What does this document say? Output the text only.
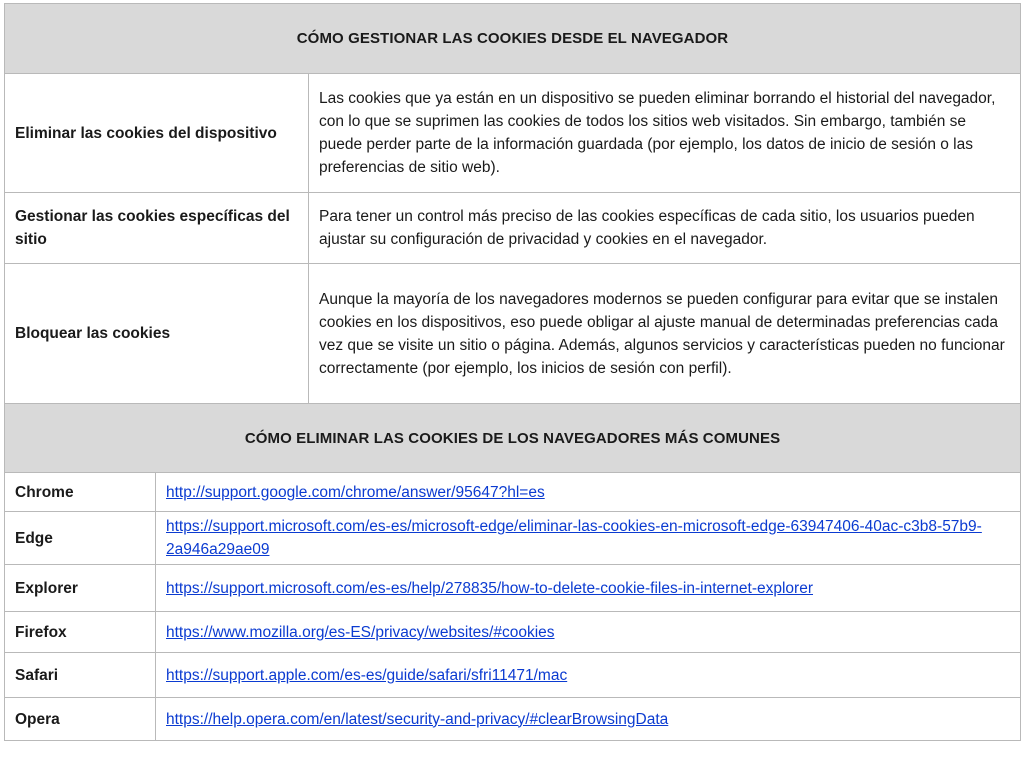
CÓMO GESTIONAR LAS COOKIES DESDE EL NAVEGADOR	
Eliminar las cookies del dispositivo	Las cookies que ya están en un dispositivo se pueden eliminar borrando el historial del navegador, con lo que se suprimen las cookies de todos los sitios web visitados. Sin embargo, también se puede perder parte de la información guardada (por ejemplo, los datos de inicio de sesión o las preferencias de sitio web).
Gestionar las cookies específicas del sitio	Para tener un control más preciso de las cookies específicas de cada sitio, los usuarios pueden ajustar su configuración de privacidad y cookies en el navegador.
Bloquear las cookies	Aunque la mayoría de los navegadores modernos se pueden configurar para evitar que se instalen cookies en los dispositivos, eso puede obligar al ajuste manual de determinadas preferencias cada vez que se visite un sitio o página. Además, algunos servicios y características pueden no funcionar correctamente (por ejemplo, los inicios de sesión con perfil).
CÓMO ELIMINAR LAS COOKIES DE LOS NAVEGADORES MÁS COMUNES	
Chrome	http://support.google.com/chrome/answer/95647?hl=es
Edge	https://support.microsoft.com/es-es/microsoft-edge/eliminar-las-cookies-en-microsoft-edge-63947406-40ac-c3b8-57b9-2a946a29ae09
Explorer	https://support.microsoft.com/es-es/help/278835/how-to-delete-cookie-files-in-internet-explorer
Firefox	https://www.mozilla.org/es-ES/privacy/websites/#cookies
Safari	https://support.apple.com/es-es/guide/safari/sfri11471/mac
Opera	https://help.opera.com/en/latest/security-and-privacy/#clearBrowsingData
